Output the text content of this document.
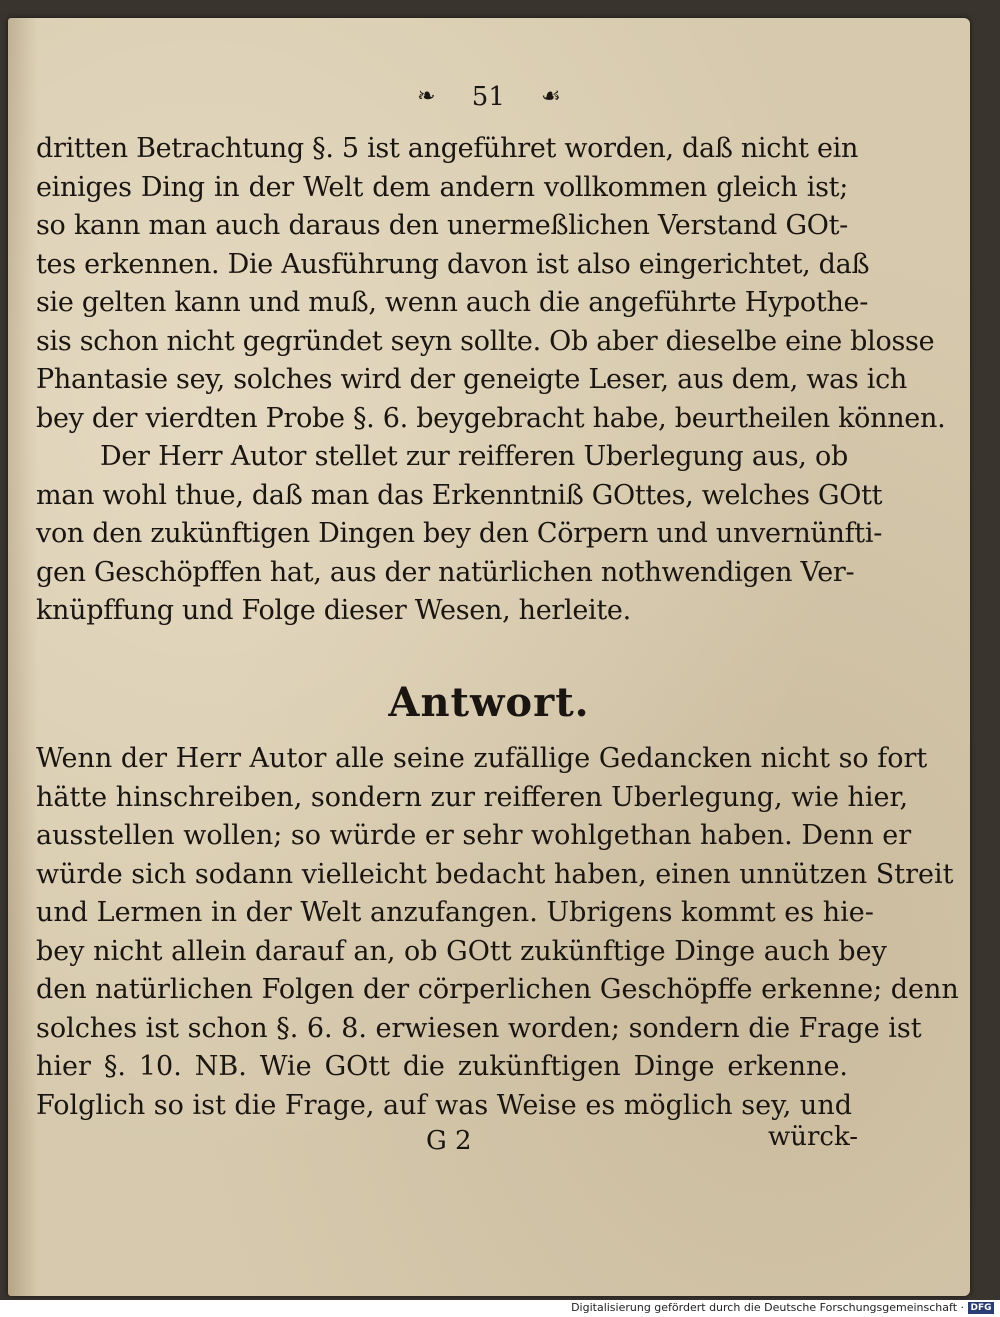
❧ 51 ☙
dritten Betrachtung §. 5 ist angeführet worden, daß nicht ein
einiges Ding in der Welt dem andern vollkommen gleich ist;
so kann man auch daraus den unermeßlichen Verstand GOt-
tes erkennen. Die Ausführung davon ist also eingerichtet, daß
sie gelten kann und muß, wenn auch die angeführte Hypothe-
sis schon nicht gegründet seyn sollte. Ob aber dieselbe eine blosse
Phantasie sey, solches wird der geneigte Leser, aus dem, was ich
bey der vierdten Probe §. 6. beygebracht habe, beurtheilen können.
Der Herr Autor stellet zur reifferen Uberlegung aus, ob
man wohl thue, daß man das Erkenntniß GOttes, welches GOtt
von den zukünftigen Dingen bey den Cörpern und unvernünfti-
gen Geschöpffen hat, aus der natürlichen nothwendigen Ver-
knüpffung und Folge dieser Wesen, herleite.
Antwort.
Wenn der Herr Autor alle seine zufällige Gedancken nicht so fort
hätte hinschreiben, sondern zur reifferen Uberlegung, wie hier,
ausstellen wollen; so würde er sehr wohlgethan haben. Denn er
würde sich sodann vielleicht bedacht haben, einen unnützen Streit
und Lermen in der Welt anzufangen. Ubrigens kommt es hie-
bey nicht allein darauf an, ob GOtt zukünftige Dinge auch bey
den natürlichen Folgen der cörperlichen Geschöpffe erkenne; denn
solches ist schon §. 6. 8. erwiesen worden; sondern die Frage ist
hier §. 10. NB. Wie GOtt die zukünftigen Dinge erkenne.
Folglich so ist die Frage, auf was Weise es möglich sey, und
G 2	würck-
Digitalisierung gefördert durch die Deutsche Forschungsgemeinschaft · DFG
